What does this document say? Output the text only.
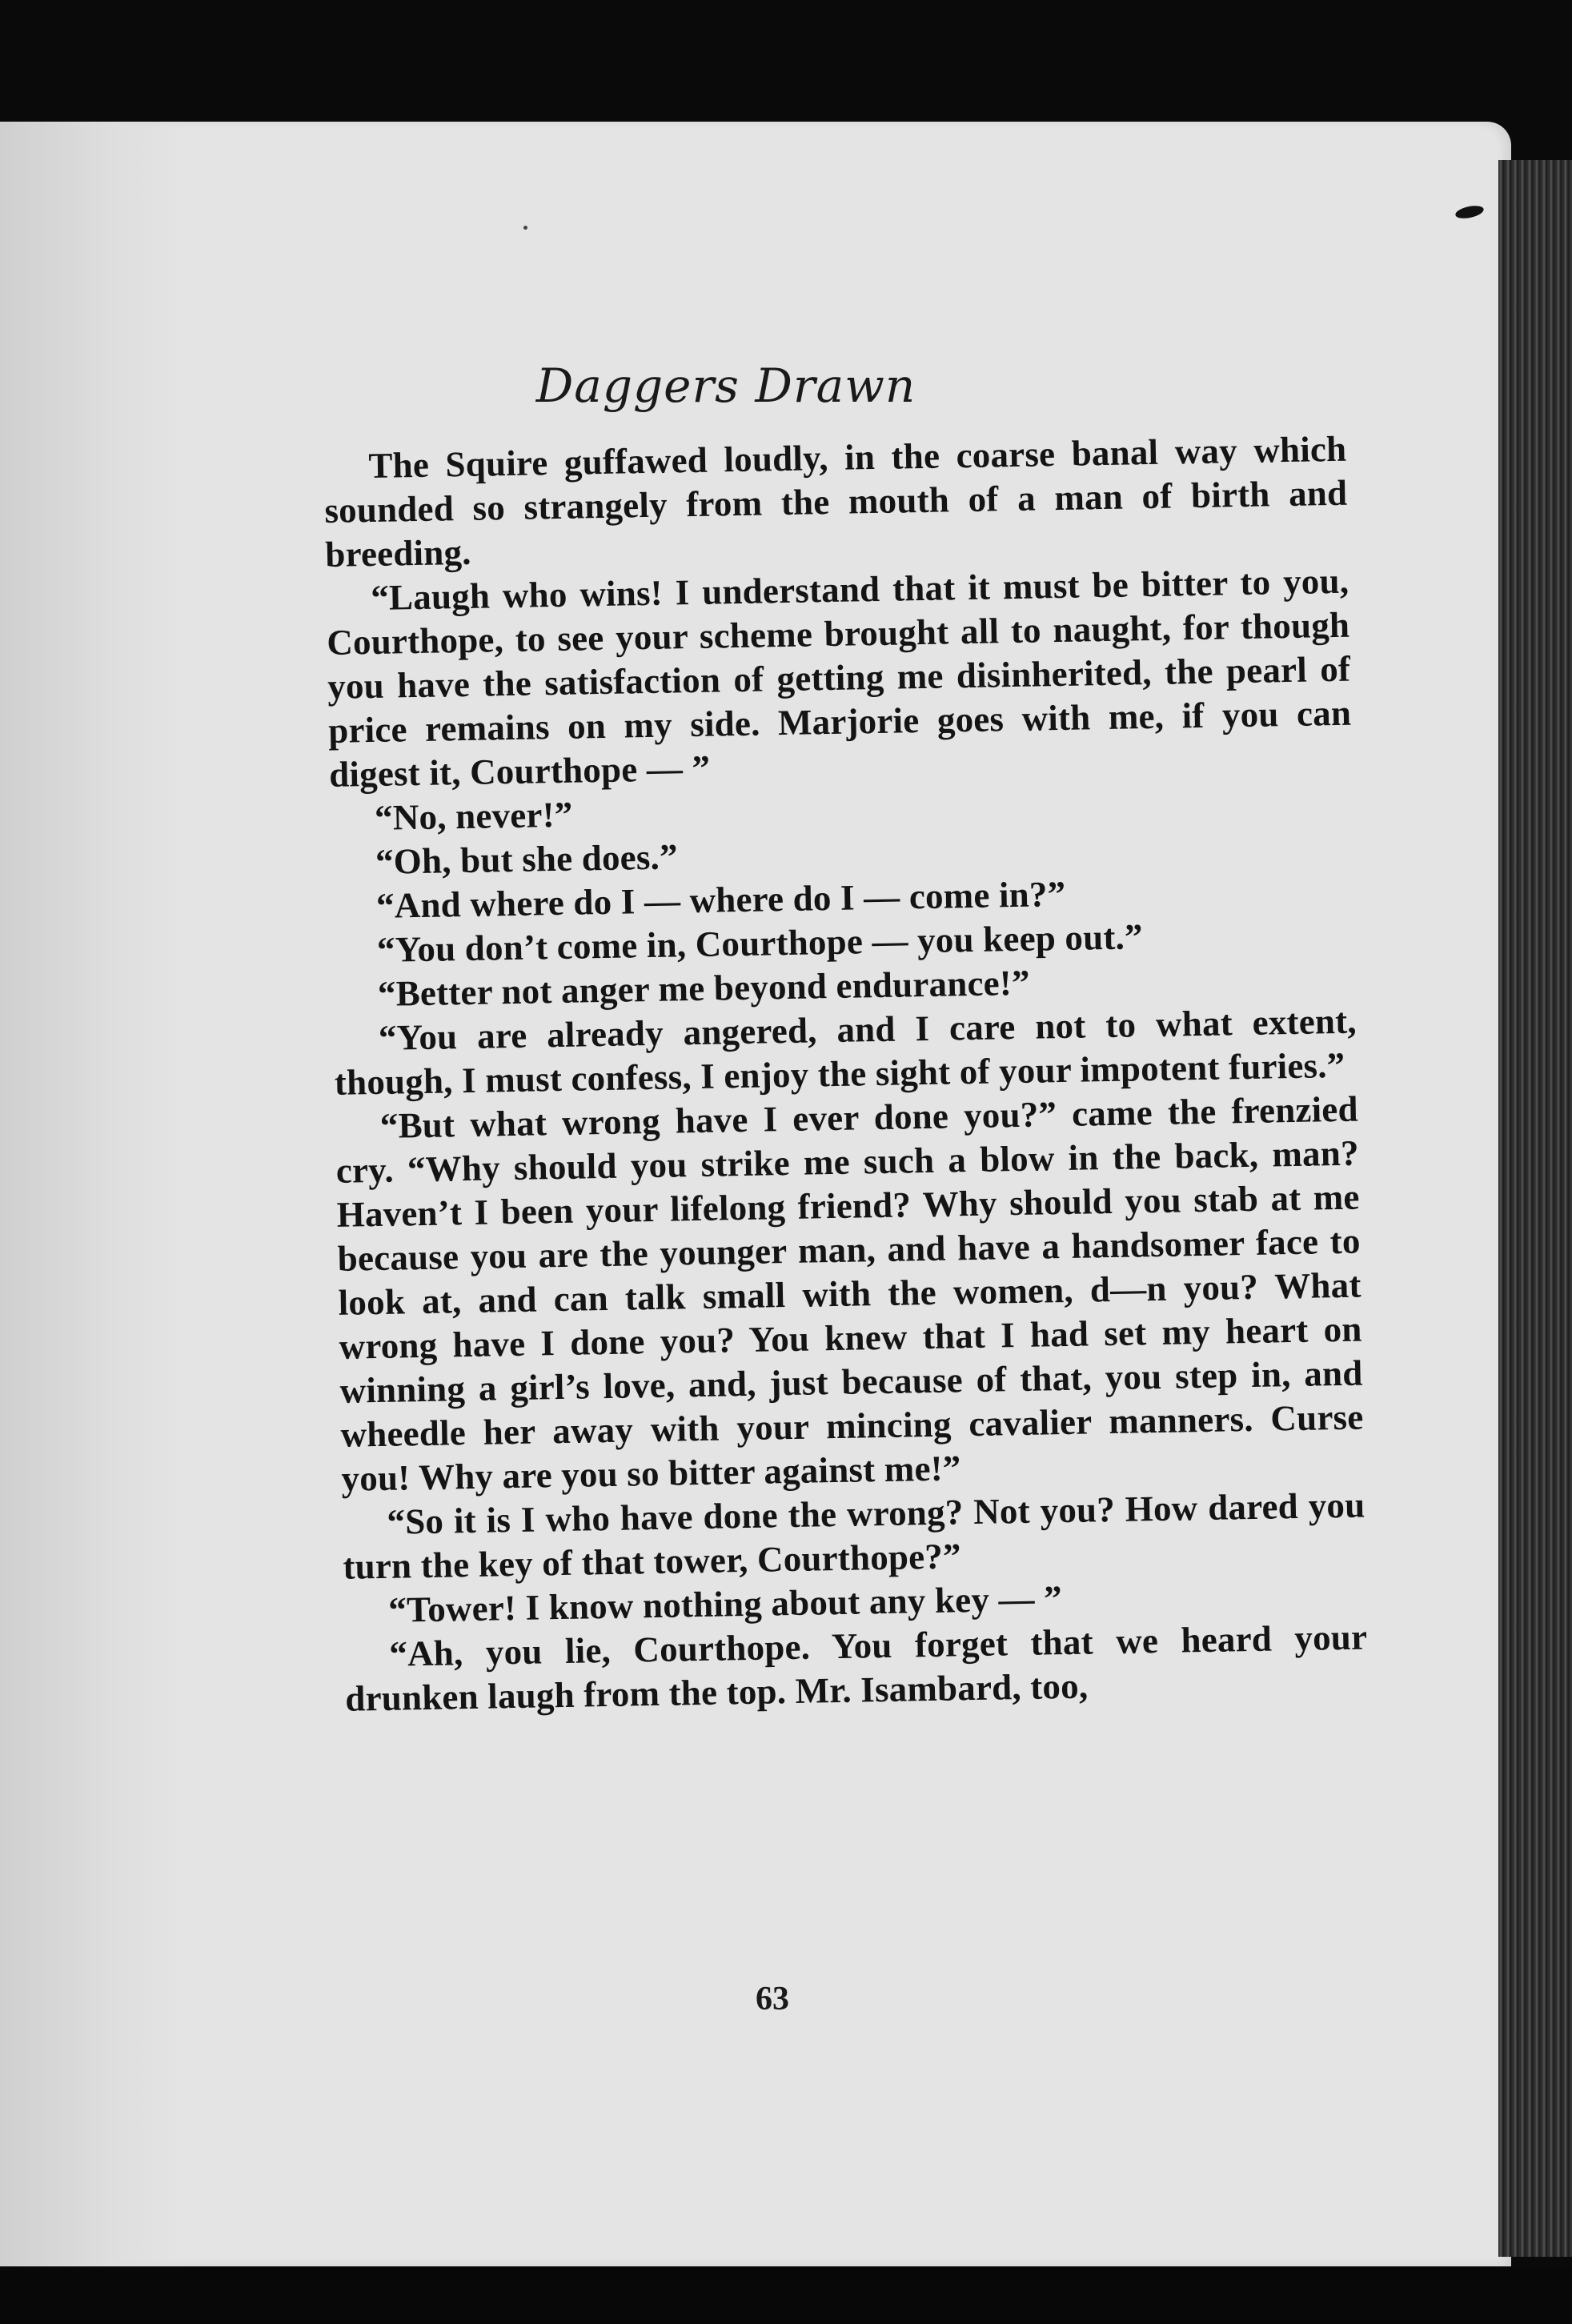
Daggers Drawn

The Squire guffawed loudly, in the coarse banal way which sounded so strangely from the mouth of a man of birth and breeding.

“Laugh who wins! I understand that it must be bitter to you, Courthope, to see your scheme brought all to naught, for though you have the satisfaction of getting me disinherited, the pearl of price remains on my side. Marjorie goes with me, if you can digest it, Courthope — ”

“No, never!”

“Oh, but she does.”

“And where do I — where do I — come in?”

“You don’t come in, Courthope — you keep out.”

“Better not anger me beyond endurance!”

“You are already angered, and I care not to what extent, though, I must confess, I enjoy the sight of your impotent furies.”

“But what wrong have I ever done you?” came the frenzied cry. “Why should you strike me such a blow in the back, man? Haven’t I been your lifelong friend? Why should you stab at me because you are the younger man, and have a handsomer face to look at, and can talk small with the women, d—n you? What wrong have I done you? You knew that I had set my heart on winning a girl’s love, and, just because of that, you step in, and wheedle her away with your mincing cavalier manners. Curse you! Why are you so bitter against me!”

“So it is I who have done the wrong? Not you? How dared you turn the key of that tower, Courthope?”

“Tower! I know nothing about any key — ”

“Ah, you lie, Courthope. You forget that we heard your drunken laugh from the top. Mr. Isambard, too,

63
